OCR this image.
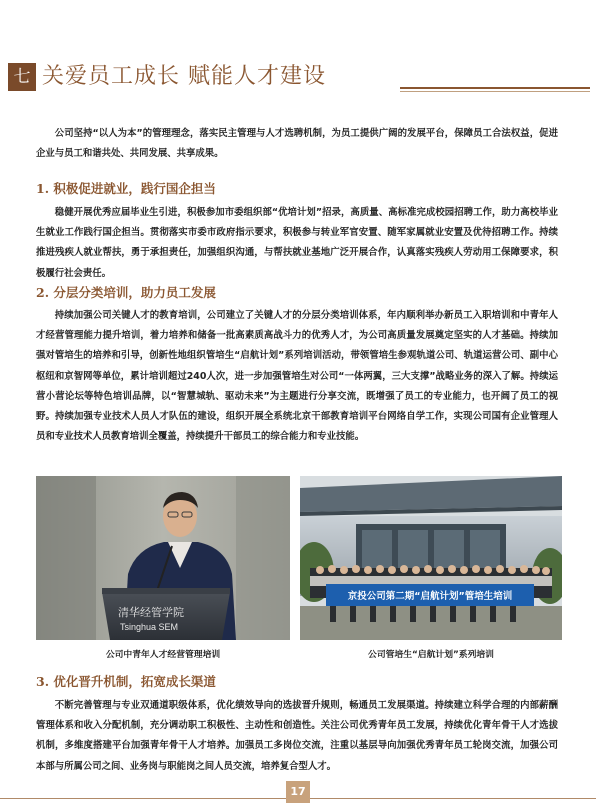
七 关爱员工成长 赋能人才建设

公司坚持“以人为本”的管理理念，落实民主管理与人才选聘机制，为员工提供广阔的发展平台，保障员工合法权益，促进企业与员工和谐共处、共同发展、共享成果。

1. 积极促进就业，践行国企担当

稳健开展优秀应届毕业生引进，积极参加市委组织部“优培计划”招录，高质量、高标准完成校园招聘工作，助力高校毕业生就业工作践行国企担当。贯彻落实市委市政府指示要求，积极参与转业军官安置、随军家属就业安置及优待招聘工作。持续推进残疾人就业帮扶，勇于承担责任，加强组织沟通，与帮扶就业基地广泛开展合作，认真落实残疾人劳动用工保障要求，积极履行社会责任。

2. 分层分类培训，助力员工发展

持续加强公司关键人才的教育培训，公司建立了关键人才的分层分类培训体系，年内顺利举办新员工入职培训和中青年人才经营管理能力提升培训，着力培养和储备一批高素质高战斗力的优秀人才，为公司高质量发展奠定坚实的人才基础。持续加强对管培生的培养和引导，创新性地组织管培生“启航计划”系列培训活动，带领管培生参观轨道公司、轨道运营公司、副中心枢纽和京智网等单位，累计培训超过240人次，进一步加强管培生对公司“一体两翼，三大支撑”战略业务的深入了解。持续运营小营论坛等特色培训品牌，以“智慧城轨、驱动未来”为主题进行分享交流，既增强了员工的专业能力，也开阔了员工的视野。持续加强专业技术人员人才队伍的建设，组织开展全系统北京干部教育培训平台网络自学工作，实现公司国有企业管理人员和专业技术人员教育培训全覆盖，持续提升干部员工的综合能力和专业技能。

清华经管学院
Tsinghua SEM
公司中青年人才经营管理培训
京投公司第二期“启航计划”管培生培训
公司管培生“启航计划”系列培训
3. 优化晋升机制，拓宽成长渠道

不断完善管理与专业双通道职级体系，优化绩效导向的选拔晋升规则，畅通员工发展渠道。持续建立科学合理的内部薪酬管理体系和收入分配机制，充分调动职工积极性、主动性和创造性。关注公司优秀青年员工发展，持续优化青年骨干人才选拔机制，多维度搭建平台加强青年骨干人才培养。加强员工多岗位交流，注重以基层导向加强优秀青年员工轮岗交流，加强公司本部与所属公司之间、业务岗与职能岗之间人员交流，培养复合型人才。

17
